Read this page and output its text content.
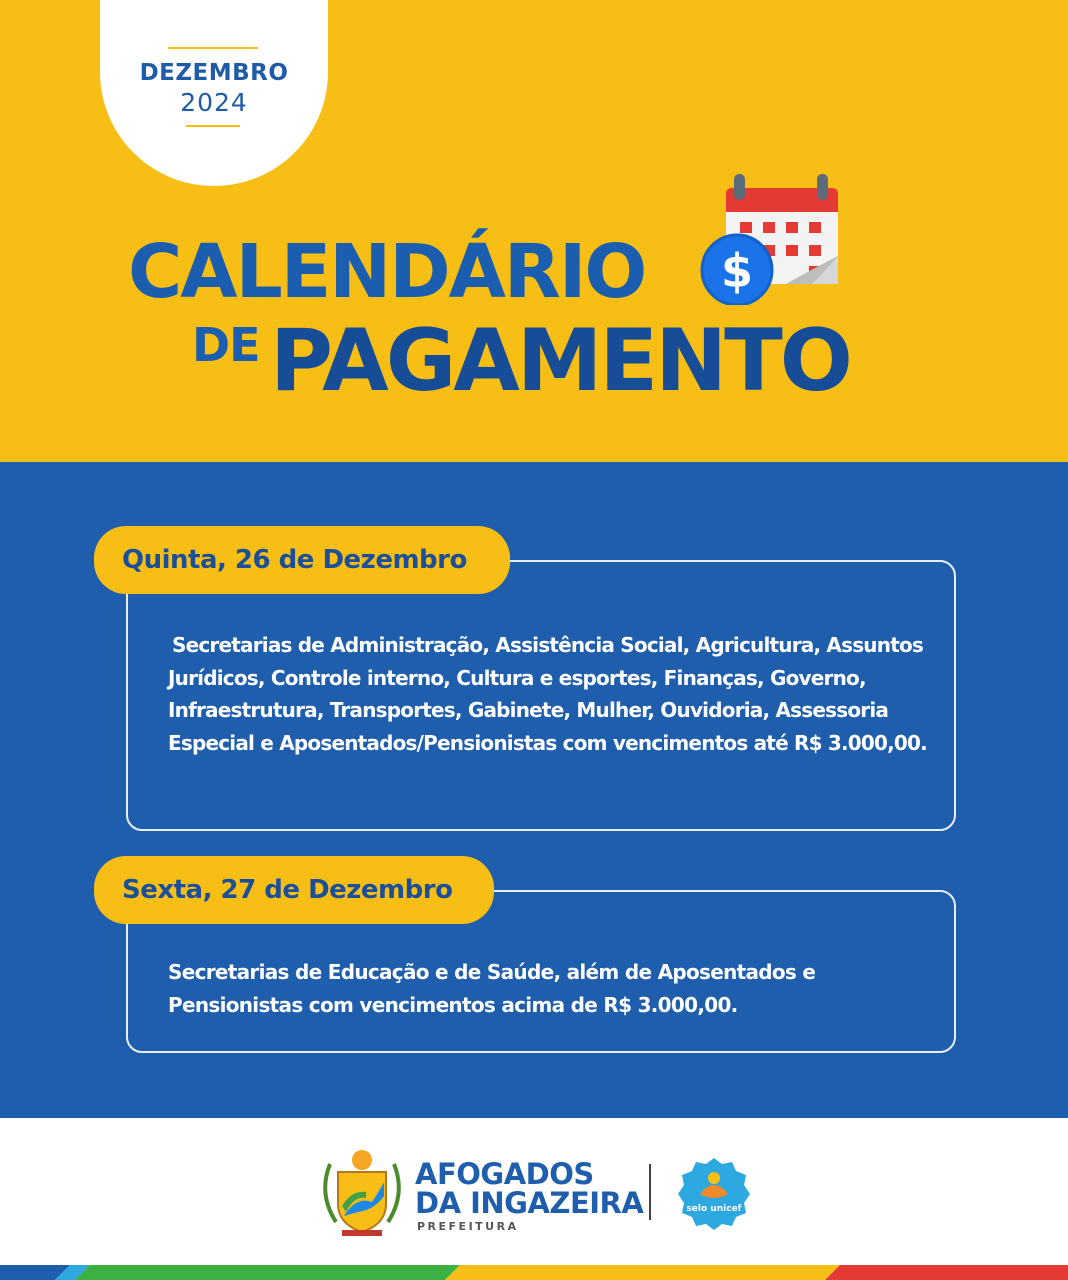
DEZEMBRO
2024
CALENDÁRIO
DE PAGAMENTO
$
Secretarias de Administração, Assistência Social, Agricultura, Assuntos Jurídicos, Controle interno, Cultura e esportes, Finanças, Governo, Infraestrutura, Transportes, Gabinete, Mulher, Ouvidoria, Assessoria Especial e Aposentados/Pensionistas com vencimentos até R$ 3.000,00.
Quinta, 26 de Dezembro
Secretarias de Educação e de Saúde, além de Aposentados e Pensionistas com vencimentos acima de R$ 3.000,00.
Sexta, 27 de Dezembro
AFOGADOS
DA INGAZEIRA
PREFEITURA
selo unicef
